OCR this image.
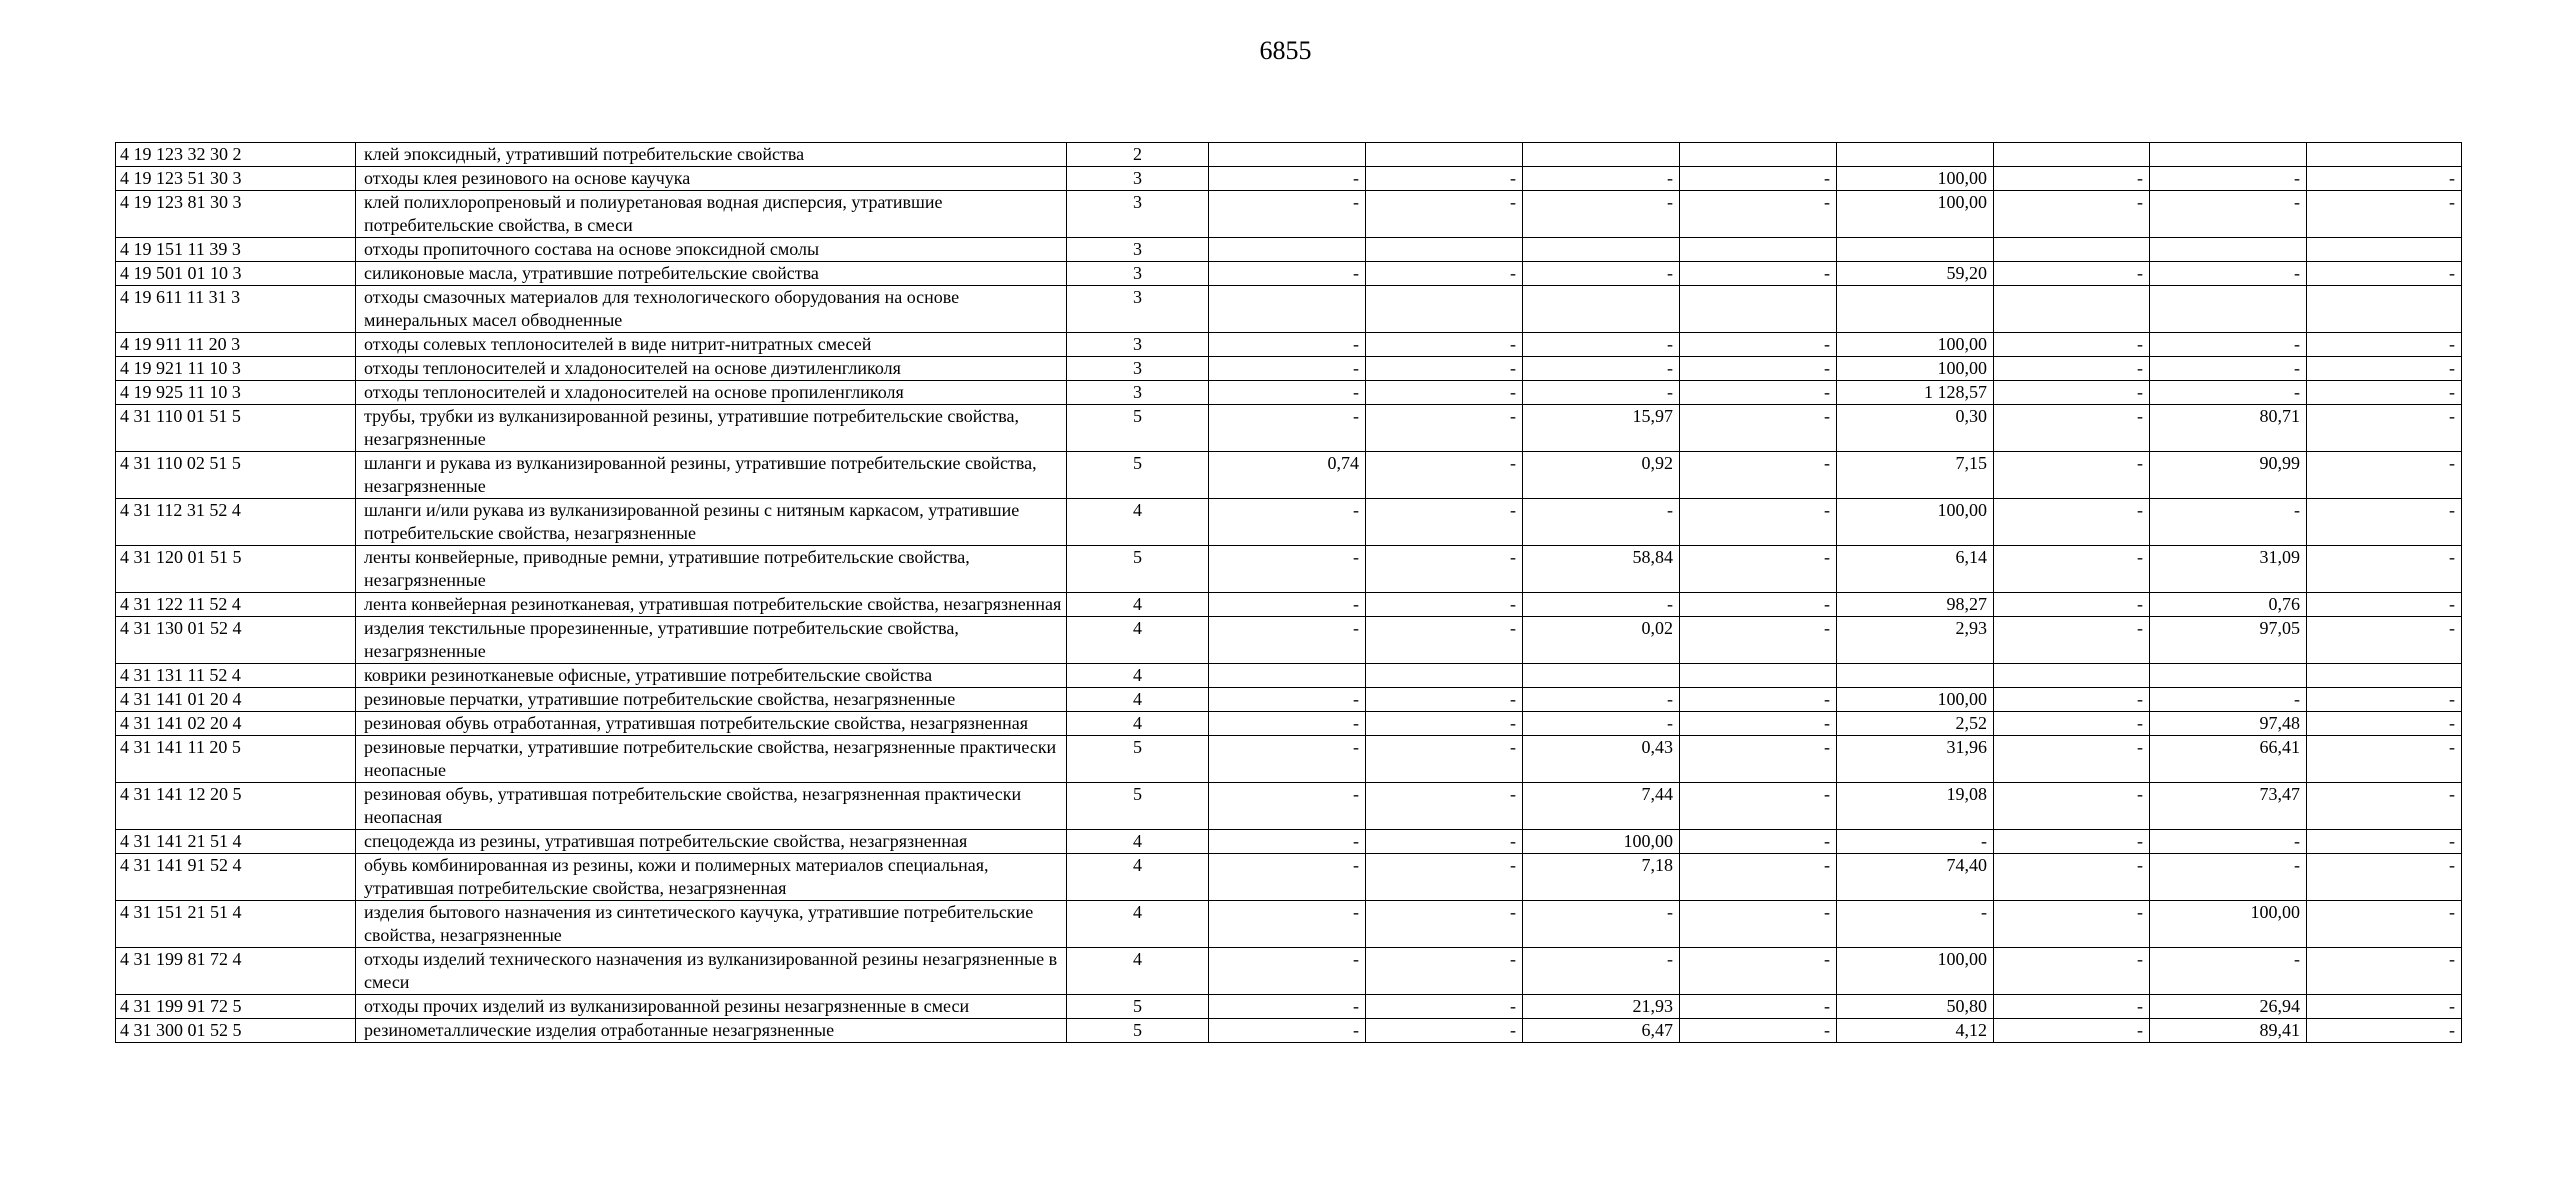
6855
4 19 123 32 30 2	клей эпоксидный, утративший потребительские свойства	2								
4 19 123 51 30 3	отходы клея резинового на основе каучука	3	-	-	-	-	100,00	-	-	-
4 19 123 81 30 3	клей полихлоропреновый и полиуретановая водная дисперсия, утратившие потребительские свойства, в смеси	3	-	-	-	-	100,00	-	-	-
4 19 151 11 39 3	отходы пропиточного состава на основе эпоксидной смолы	3								
4 19 501 01 10 3	силиконовые масла, утратившие потребительские свойства	3	-	-	-	-	59,20	-	-	-
4 19 611 11 31 3	отходы смазочных материалов для технологического оборудования на основе минеральных масел обводненные	3								
4 19 911 11 20 3	отходы солевых теплоносителей в виде нитрит-нитратных смесей	3	-	-	-	-	100,00	-	-	-
4 19 921 11 10 3	отходы теплоносителей и хладоносителей на основе диэтиленгликоля	3	-	-	-	-	100,00	-	-	-
4 19 925 11 10 3	отходы теплоносителей и хладоносителей на основе пропиленгликоля	3	-	-	-	-	1 128,57	-	-	-
4 31 110 01 51 5	трубы, трубки из вулканизированной резины, утратившие потребительские свойства, незагрязненные	5	-	-	15,97	-	0,30	-	80,71	-
4 31 110 02 51 5	шланги и рукава из вулканизированной резины, утратившие потребительские свойства, незагрязненные	5	0,74	-	0,92	-	7,15	-	90,99	-
4 31 112 31 52 4	шланги и/или рукава из вулканизированной резины с нитяным каркасом, утратившие потребительские свойства, незагрязненные	4	-	-	-	-	100,00	-	-	-
4 31 120 01 51 5	ленты конвейерные, приводные ремни, утратившие потребительские свойства, незагрязненные	5	-	-	58,84	-	6,14	-	31,09	-
4 31 122 11 52 4	лента конвейерная резинотканевая, утратившая потребительские свойства, незагрязненная	4	-	-	-	-	98,27	-	0,76	-
4 31 130 01 52 4	изделия текстильные прорезиненные, утратившие потребительские свойства, незагрязненные	4	-	-	0,02	-	2,93	-	97,05	-
4 31 131 11 52 4	коврики резинотканевые офисные, утратившие потребительские свойства	4								
4 31 141 01 20 4	резиновые перчатки, утратившие потребительские свойства, незагрязненные	4	-	-	-	-	100,00	-	-	-
4 31 141 02 20 4	резиновая обувь отработанная, утратившая потребительские свойства, незагрязненная	4	-	-	-	-	2,52	-	97,48	-
4 31 141 11 20 5	резиновые перчатки, утратившие потребительские свойства, незагрязненные практически неопасные	5	-	-	0,43	-	31,96	-	66,41	-
4 31 141 12 20 5	резиновая обувь, утратившая потребительские свойства, незагрязненная практически неопасная	5	-	-	7,44	-	19,08	-	73,47	-
4 31 141 21 51 4	спецодежда из резины, утратившая потребительские свойства, незагрязненная	4	-	-	100,00	-	-	-	-	-
4 31 141 91 52 4	обувь комбинированная из резины, кожи и полимерных материалов специальная, утратившая потребительские свойства, незагрязненная	4	-	-	7,18	-	74,40	-	-	-
4 31 151 21 51 4	изделия бытового назначения из синтетического каучука, утратившие потребительские свойства, незагрязненные	4	-	-	-	-	-	-	100,00	-
4 31 199 81 72 4	отходы изделий технического назначения из вулканизированной резины незагрязненные в смеси	4	-	-	-	-	100,00	-	-	-
4 31 199 91 72 5	отходы прочих изделий из вулканизированной резины незагрязненные в смеси	5	-	-	21,93	-	50,80	-	26,94	-
4 31 300 01 52 5	резинометаллические изделия отработанные незагрязненные	5	-	-	6,47	-	4,12	-	89,41	-
